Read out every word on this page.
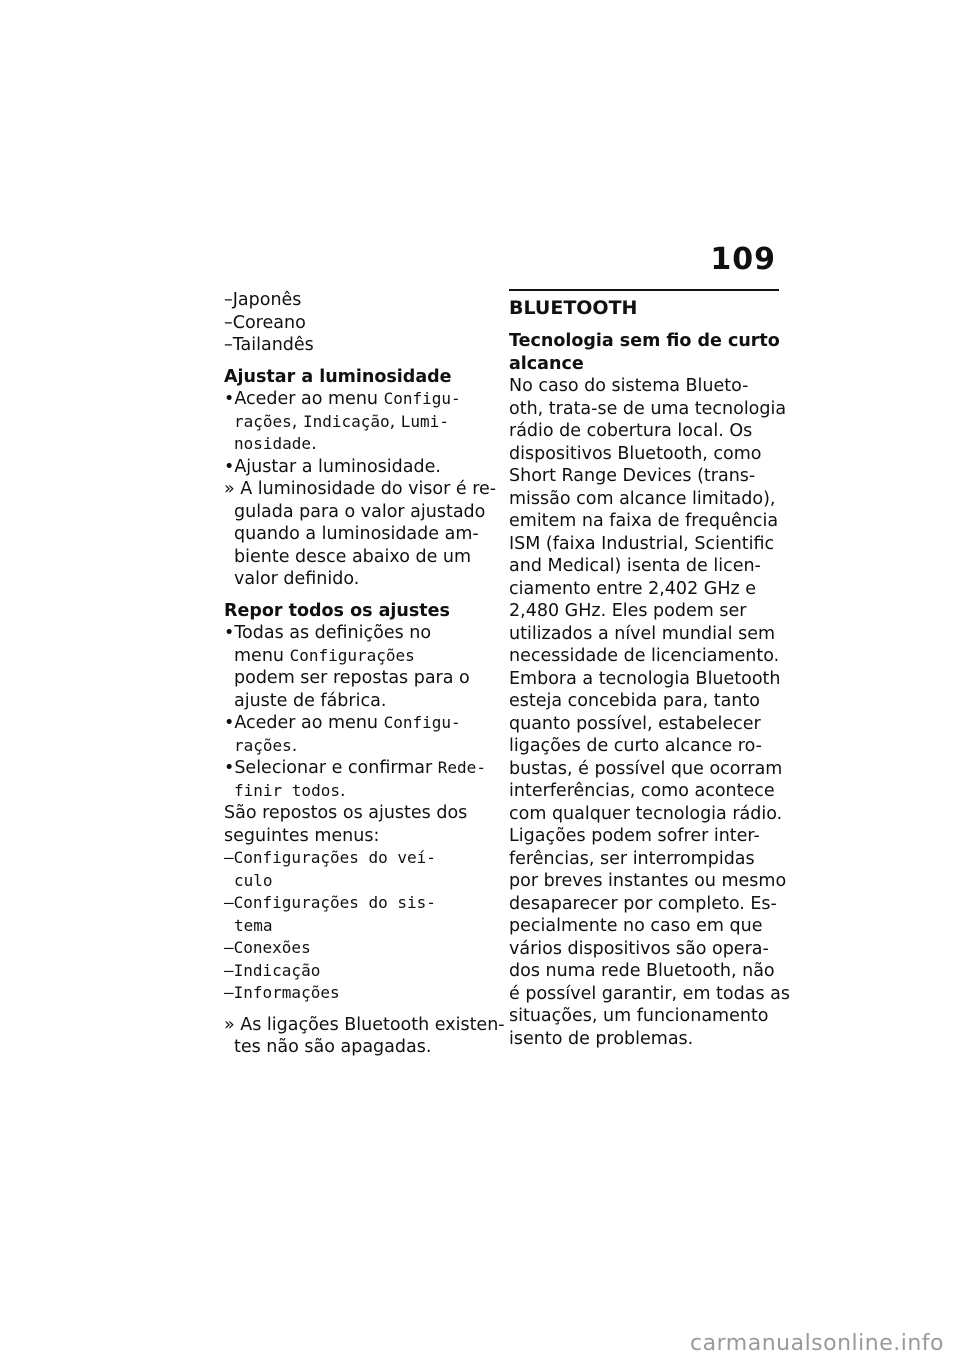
109
–Japonês
–Coreano
–Tailandês
Ajustar a luminosidade
•Aceder ao menu Configu-
rações, Indicação, Lumi-
nosidade.
•Ajustar a luminosidade.
» A luminosidade do visor é re-
gulada para o valor ajustado
quando a luminosidade am-
biente desce abaixo de um
valor definido.
Repor todos os ajustes
•Todas as definições no
menu Configurações
podem ser repostas para o
ajuste de fábrica.
•Aceder ao menu Configu-
rações.
•Selecionar e confirmar Rede-
finir todos.
São repostos os ajustes dos
seguintes menus:
–Configurações do veí-
culo
–Configurações do sis-
tema
–Conexões
–Indicação
–Informações
» As ligações Bluetooth existen-
tes não são apagadas.
BLUETOOTH
Tecnologia sem fio de curto
alcance
No caso do sistema Blueto-
oth, trata-se de uma tecnologia
rádio de cobertura local. Os
dispositivos Bluetooth, como
Short Range Devices (trans-
missão com alcance limitado),
emitem na faixa de frequência
ISM (faixa Industrial, Scientific
and Medical) isenta de licen-
ciamento entre 2,402 GHz e
2,480 GHz. Eles podem ser
utilizados a nível mundial sem
necessidade de licenciamento.
Embora a tecnologia Bluetooth
esteja concebida para, tanto
quanto possível, estabelecer
ligações de curto alcance ro-
bustas, é possível que ocorram
interferências, como acontece
com qualquer tecnologia rádio.
Ligações podem sofrer inter-
ferências, ser interrompidas
por breves instantes ou mesmo
desaparecer por completo. Es-
pecialmente no caso em que
vários dispositivos são opera-
dos numa rede Bluetooth, não
é possível garantir, em todas as
situações, um funcionamento
isento de problemas.
carmanualsonline.info
